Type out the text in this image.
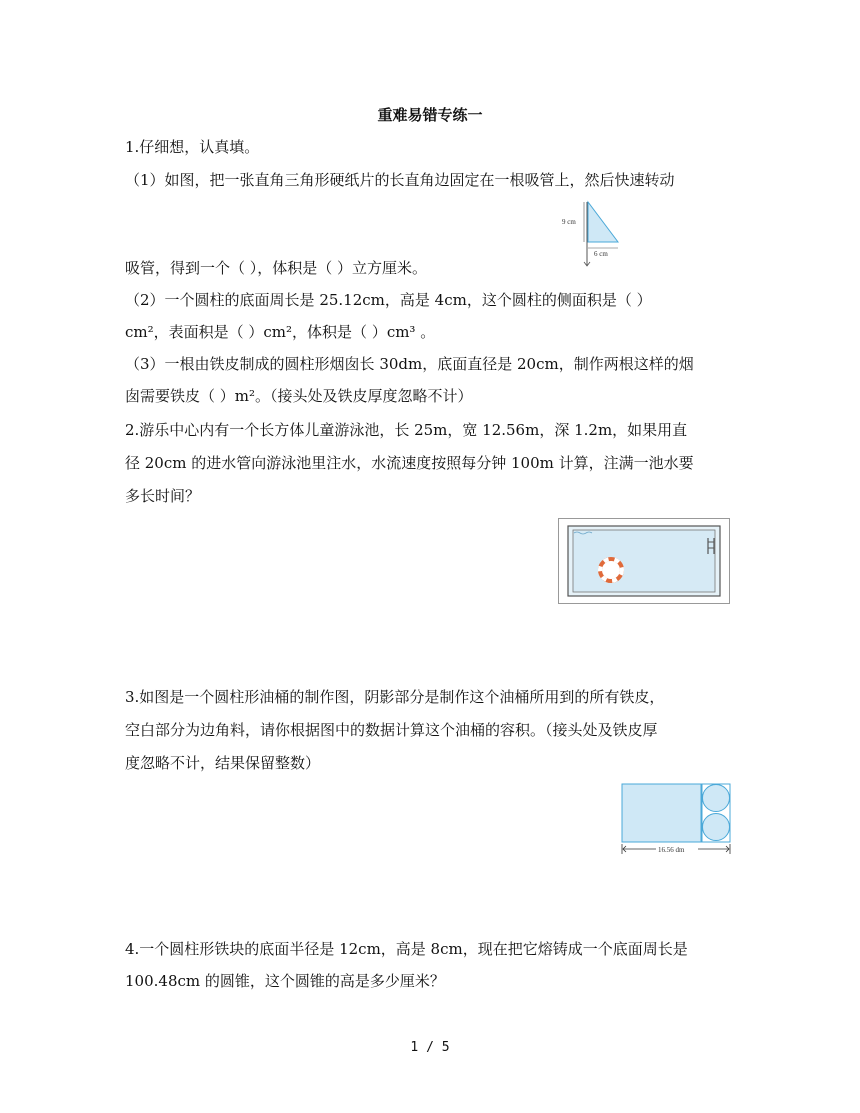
重难易错专练一
1.仔细想，认真填。
（1）如图，把一张直角三角形硬纸片的长直角边固定在一根吸管上，然后快速转动
9 cm
6 cm
吸管，得到一个（ ），体积是（ ）立方厘米。
（2）一个圆柱的底面周长是 25.12cm，高是 4cm，这个圆柱的侧面积是（ ）
cm²，表面积是（ ）cm²，体积是（ ）cm³ 。
（3）一根由铁皮制成的圆柱形烟囱长 30dm，底面直径是 20cm，制作两根这样的烟
囱需要铁皮（ ）m²。（接头处及铁皮厚度忽略不计）
2.游乐中心内有一个长方体儿童游泳池，长 25m，宽 12.56m，深 1.2m，如果用直
径 20cm 的进水管向游泳池里注水，水流速度按照每分钟 100m 计算，注满一池水要
多长时间？
3.如图是一个圆柱形油桶的制作图，阴影部分是制作这个油桶所用到的所有铁皮，
空白部分为边角料，请你根据图中的数据计算这个油桶的容积。（接头处及铁皮厚
度忽略不计，结果保留整数）
16.56 dm
4.一个圆柱形铁块的底面半径是 12cm，高是 8cm，现在把它熔铸成一个底面周长是
100.48cm 的圆锥，这个圆锥的高是多少厘米？
1 / 5
